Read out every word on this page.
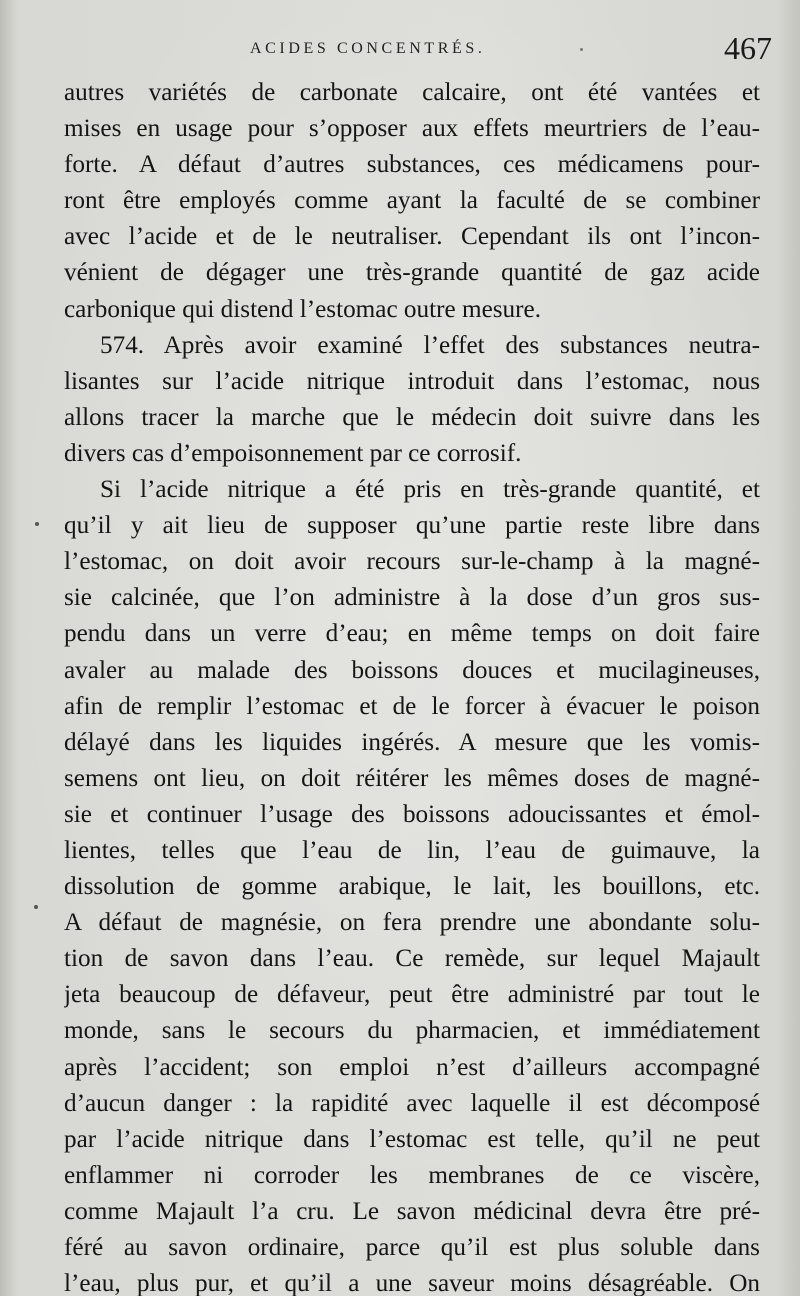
ACIDES CONCENTRÉS.	467
autres variétés de carbonate calcaire, ont été vantées et
mises en usage pour s’opposer aux effets meurtriers de l’eau-
forte. A défaut d’autres substances, ces médicamens pour-
ront être employés comme ayant la faculté de se combiner
avec l’acide et de le neutraliser. Cependant ils ont l’incon-
vénient de dégager une très-grande quantité de gaz acide
carbonique qui distend l’estomac outre mesure.
574. Après avoir examiné l’effet des substances neutra-
lisantes sur l’acide nitrique introduit dans l’estomac, nous
allons tracer la marche que le médecin doit suivre dans les
divers cas d’empoisonnement par ce corrosif.
Si l’acide nitrique a été pris en très-grande quantité, et
qu’il y ait lieu de supposer qu’une partie reste libre dans
l’estomac, on doit avoir recours sur-le-champ à la magné-
sie calcinée, que l’on administre à la dose d’un gros sus-
pendu dans un verre d’eau; en même temps on doit faire
avaler au malade des boissons douces et mucilagineuses,
afin de remplir l’estomac et de le forcer à évacuer le poison
délayé dans les liquides ingérés. A mesure que les vomis-
semens ont lieu, on doit réitérer les mêmes doses de magné-
sie et continuer l’usage des boissons adoucissantes et émol-
lientes, telles que l’eau de lin, l’eau de guimauve, la
dissolution de gomme arabique, le lait, les bouillons, etc.
A défaut de magnésie, on fera prendre une abondante solu-
tion de savon dans l’eau. Ce remède, sur lequel Majault
jeta beaucoup de défaveur, peut être administré par tout le
monde, sans le secours du pharmacien, et immédiatement
après l’accident; son emploi n’est d’ailleurs accompagné
d’aucun danger : la rapidité avec laquelle il est décomposé
par l’acide nitrique dans l’estomac est telle, qu’il ne peut
enflammer ni corroder les membranes de ce viscère,
comme Majault l’a cru. Le savon médicinal devra être pré-
féré au savon ordinaire, parce qu’il est plus soluble dans
l’eau, plus pur, et qu’il a une saveur moins désagréable. On
